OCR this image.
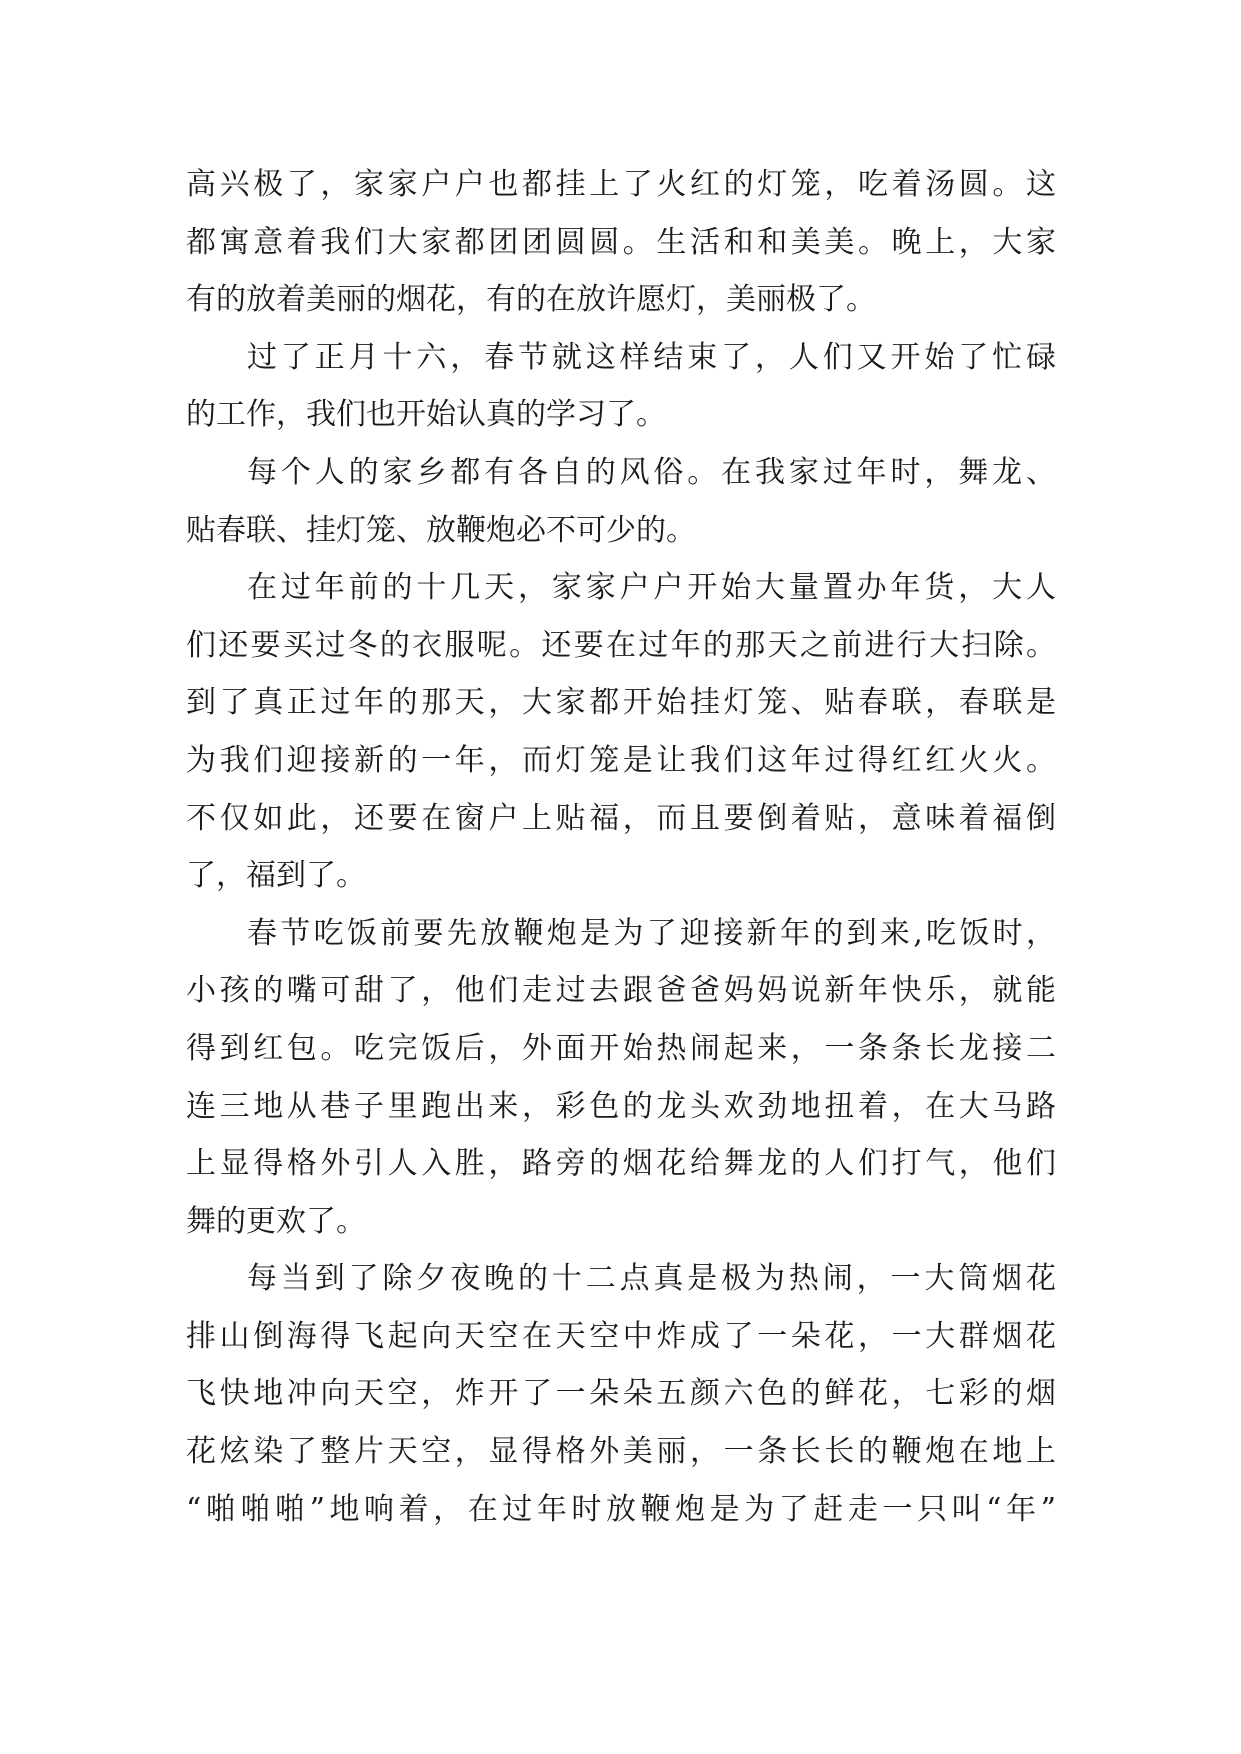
高兴极了，家家户户也都挂上了火红的灯笼，吃着汤圆。这
都寓意着我们大家都团团圆圆。生活和和美美。晚上，大家
有的放着美丽的烟花，有的在放许愿灯，美丽极了。
过了正月十六，春节就这样结束了，人们又开始了忙碌
的工作，我们也开始认真的学习了。
每个人的家乡都有各自的风俗。在我家过年时，舞龙、
贴春联、挂灯笼、放鞭炮必不可少的。
在过年前的十几天，家家户户开始大量置办年货，大人
们还要买过冬的衣服呢。还要在过年的那天之前进行大扫除。
到了真正过年的那天，大家都开始挂灯笼、贴春联，春联是
为我们迎接新的一年，而灯笼是让我们这年过得红红火火。
不仅如此，还要在窗户上贴福，而且要倒着贴，意味着福倒
了，福到了。
春节吃饭前要先放鞭炮是为了迎接新年的到来,吃饭时，
小孩的嘴可甜了，他们走过去跟爸爸妈妈说新年快乐，就能
得到红包。吃完饭后，外面开始热闹起来，一条条长龙接二
连三地从巷子里跑出来，彩色的龙头欢劲地扭着，在大马路
上显得格外引人入胜，路旁的烟花给舞龙的人们打气，他们
舞的更欢了。
每当到了除夕夜晚的十二点真是极为热闹，一大筒烟花
排山倒海得飞起向天空在天空中炸成了一朵花，一大群烟花
飞快地冲向天空，炸开了一朵朵五颜六色的鲜花，七彩的烟
花炫染了整片天空，显得格外美丽，一条长长的鞭炮在地上
“啪啪啪”地响着，在过年时放鞭炮是为了赶走一只叫“年”
